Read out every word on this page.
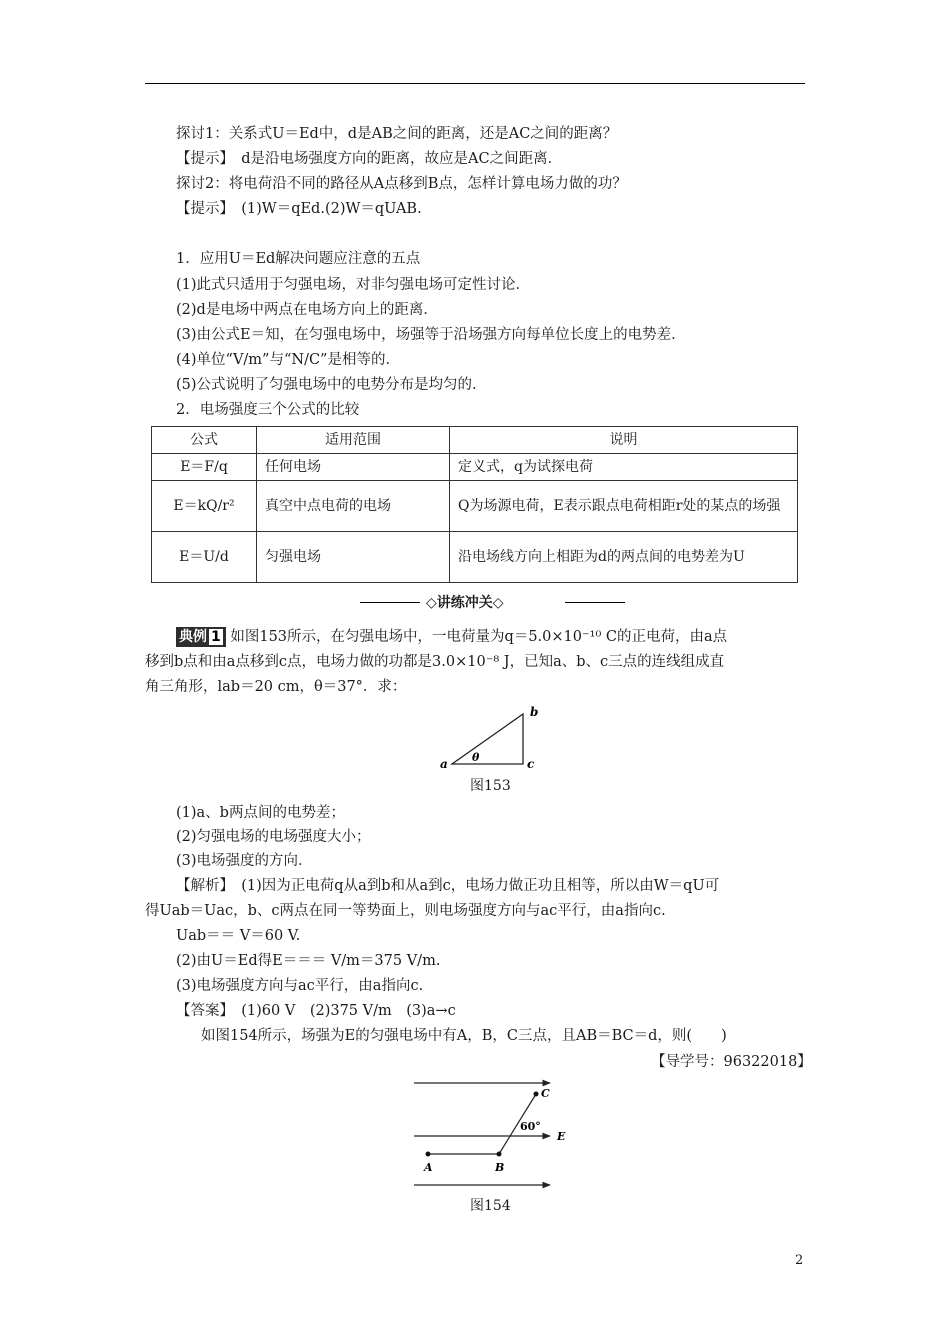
探讨1：关系式U＝Ed中，d是AB之间的距离，还是AC之间的距离？
【提示】　d是沿电场强度方向的距离，故应是AC之间距离．
探讨2：将电荷沿不同的路径从A点移到B点，怎样计算电场力做的功？
【提示】　(1)W＝qEd.(2)W＝qUAB.
1．应用U＝Ed解决问题应注意的五点
(1)此式只适用于匀强电场，对非匀强电场可定性讨论．
(2)d是电场中两点在电场方向上的距离．
(3)由公式E＝知，在匀强电场中，场强等于沿场强方向每单位长度上的电势差．
(4)单位“V/m”与“N/C”是相等的．
(5)公式说明了匀强电场中的电势分布是均匀的．
2．电场强度三个公式的比较
公式	适用范围	说明
E＝F/q	任何电场	定义式，q为试探电荷
E＝kQ/r²	真空中点电荷的电场	Q为场源电荷，E表示跟点电荷相距r处的某点的场强
E＝U/d	匀强电场	沿电场线方向上相距为d的两点间的电势差为U
◇讲练冲关◇
典例 1 如图153所示，在匀强电场中，一电荷量为q＝5.0×10⁻¹⁰ C的正电荷，由a点
移到b点和由a点移到c点，电场力做的功都是3.0×10⁻⁸ J，已知a、b、c三点的连线组成直
角三角形，lab＝20 cm，θ＝37°．求：
a
b
c
θ
图153
(1)a、b两点间的电势差；
(2)匀强电场的电场强度大小；
(3)电场强度的方向．
【解析】　(1)因为正电荷q从a到b和从a到c，电场力做正功且相等，所以由W＝qU可
得Uab＝Uac，b、c两点在同一等势面上，则电场强度方向与ac平行，由a指向c.
Uab＝＝ V＝60 V.
(2)由U＝Ed得E＝＝＝ V/m＝375 V/m.
(3)电场强度方向与ac平行，由a指向c.
【答案】　(1)60 V　(2)375 V/m　(3)a→c
如图154所示，场强为E的匀强电场中有A，B，C三点，且AB＝BC＝d，则(　　)
【导学号：96322018】
A	B
C
E
60°
图154
2
